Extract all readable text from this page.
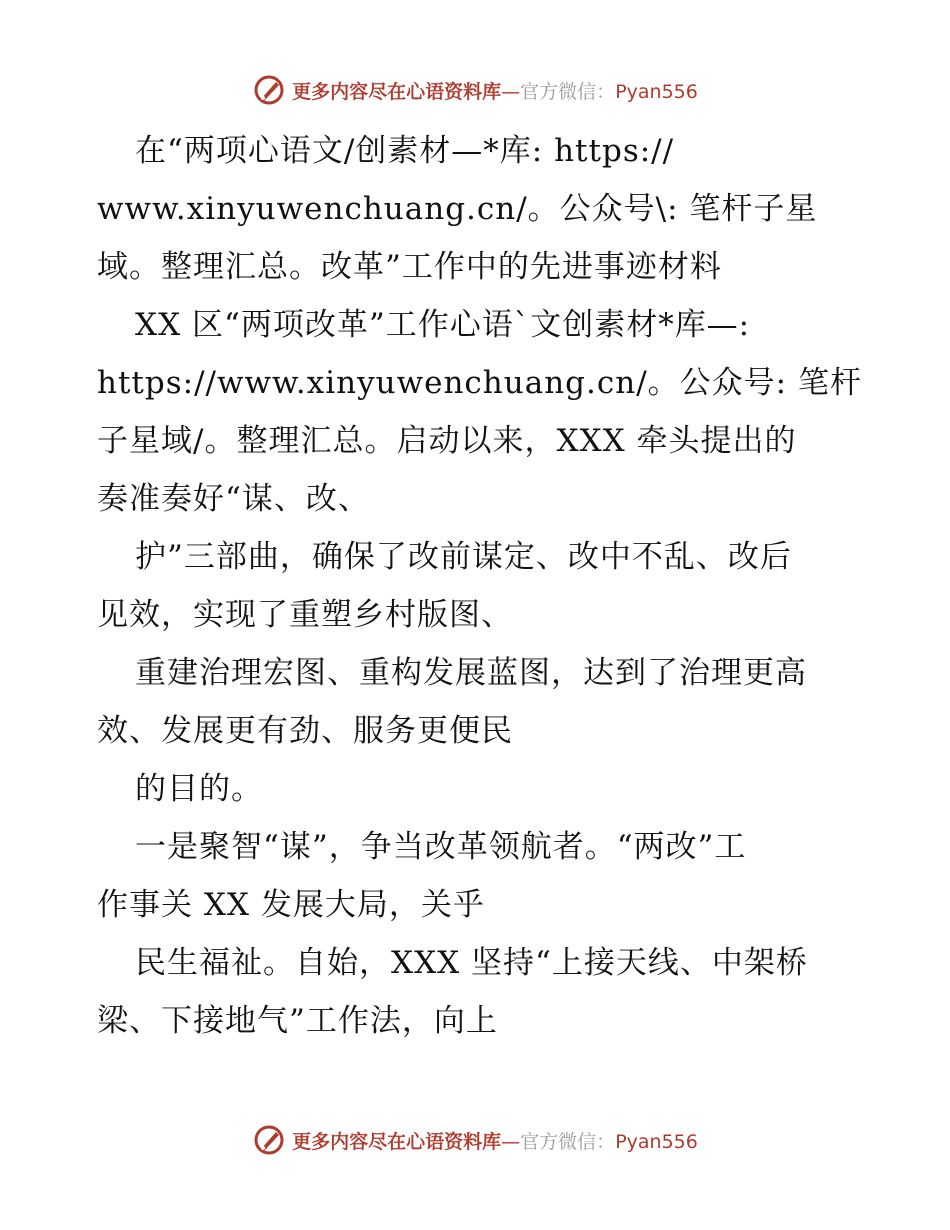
更多内容尽在心语资料库—官方微信：Pyan556
在“两项心语文/创素材—*库: https://
www.xinyuwenchuang.cn/。公众号\: 笔杆子星
域。整理汇总。改革”工作中的先进事迹材料
XX 区“两项改革”工作心语`文创素材*库—:
https://www.xinyuwenchuang.cn/。公众号: 笔杆
子星域/。整理汇总。启动以来，XXX 牵头提出的
奏准奏好“谋、改、
护”三部曲，确保了改前谋定、改中不乱、改后
见效，实现了重塑乡村版图、
重建治理宏图、重构发展蓝图，达到了治理更高
效、发展更有劲、服务更便民
的目的。
一是聚智“谋”，争当改革领航者。“两改”工
作事关 XX 发展大局，关乎
民生福祉。自始，XXX 坚持“上接天线、中架桥
梁、下接地气”工作法，向上
更多内容尽在心语资料库—官方微信：Pyan556
